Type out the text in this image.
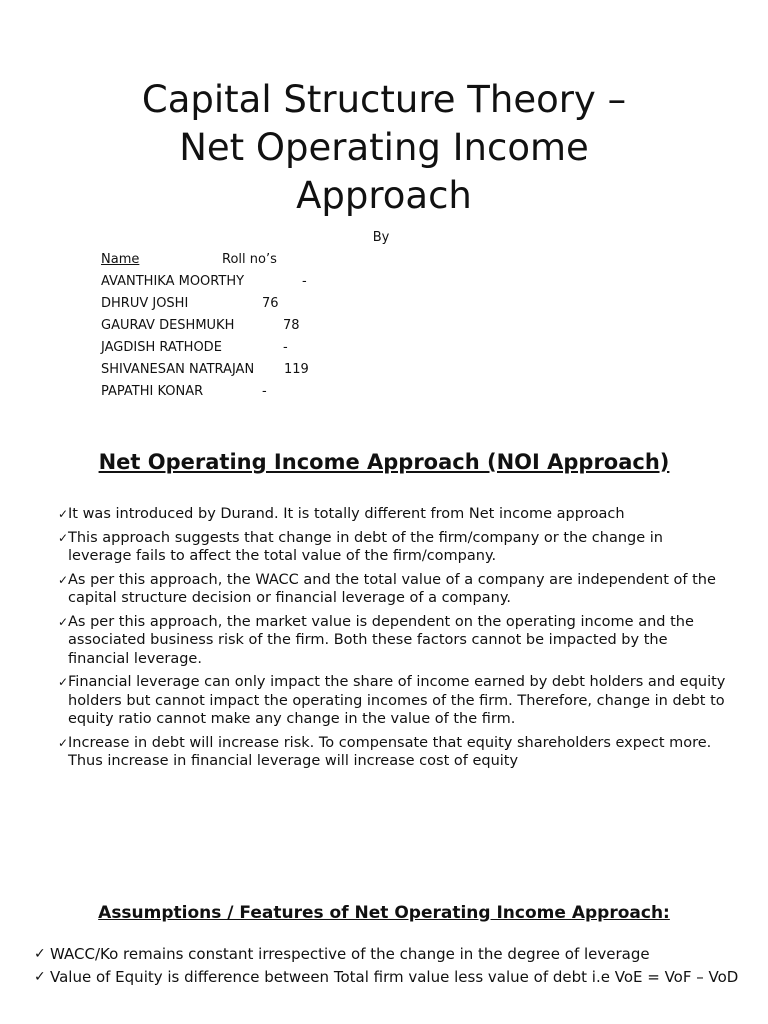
Capital Structure Theory –
Net Operating Income
Approach
By
Name	Roll no’s
AVANTHIKA MOORTHY	-
DHRUV JOSHI	76
GAURAV DESHMUKH	78
JAGDISH RATHODE	-
SHIVANESAN NATRAJAN 119
PAPATHI KONAR	-
Net Operating Income Approach (NOI Approach)
✓ It was introduced by Durand. It is totally different from Net income approach
✓ This approach suggests that change in debt of the firm/company or the change in leverage fails to affect the total value of the firm/company.
✓ As per this approach, the WACC and the total value of a company are independent of the capital structure decision or financial leverage of a company.
✓ As per this approach, the market value is dependent on the operating income and the associated business risk of the firm. Both these factors cannot be impacted by the financial leverage.
✓ Financial leverage can only impact the share of income earned by debt holders and equity holders but cannot impact the operating incomes of the firm. Therefore, change in debt to equity ratio cannot make any change in the value of the firm.
✓ Increase in debt will increase risk. To compensate that equity shareholders expect more. Thus increase in financial leverage will increase cost of equity
Assumptions / Features of Net Operating Income Approach:
✓ WACC/Ko remains constant irrespective of the change in the degree of leverage
✓ Value of Equity is difference between Total firm value less value of debt i.e VoE = VoF – VoD
